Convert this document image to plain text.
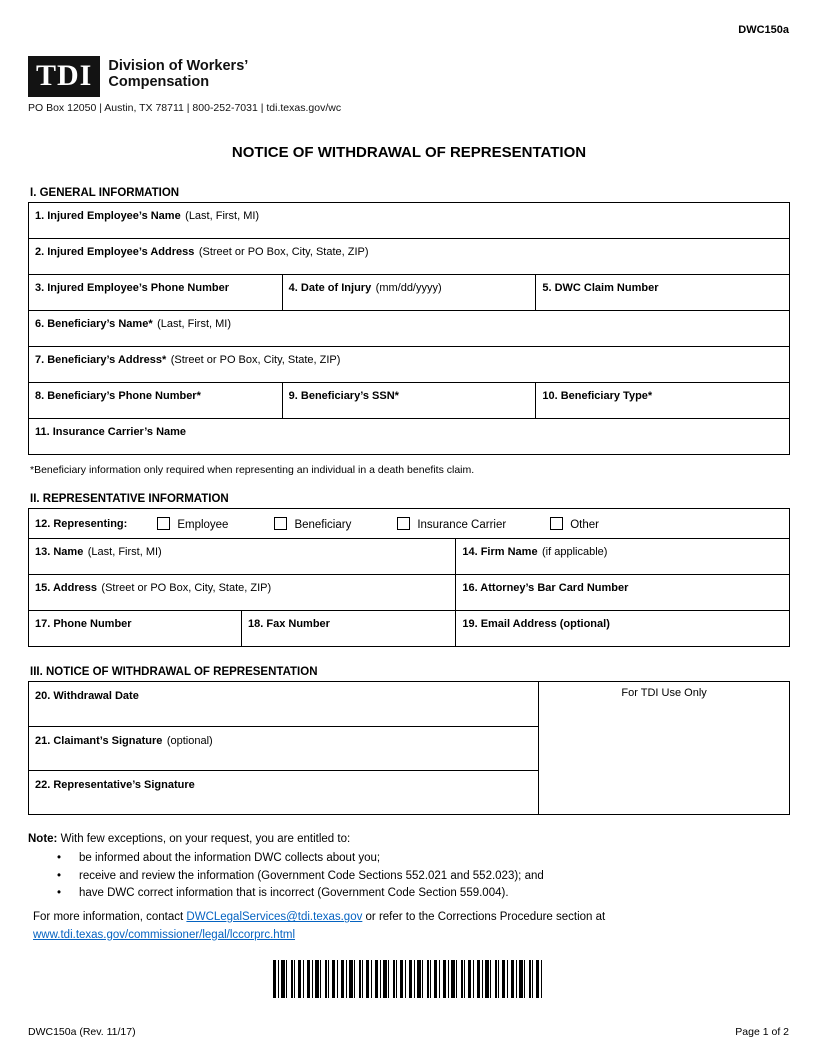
DWC150a
TDI	Division of Workers’
Compensation
PO Box 12050 | Austin, TX 78711 | 800-252-7031 | tdi.texas.gov/wc
NOTICE OF WITHDRAWAL OF REPRESENTATION
I. GENERAL INFORMATION
1. Injured Employee’s Name (Last, First, MI)
2. Injured Employee’s Address (Street or PO Box, City, State, ZIP)
3. Injured Employee’s Phone Number	4. Date of Injury (mm/dd/yyyy)	5. DWC Claim Number
6. Beneficiary’s Name* (Last, First, MI)
7. Beneficiary’s Address* (Street or PO Box, City, State, ZIP)
8. Beneficiary’s Phone Number*	9. Beneficiary’s SSN*	10. Beneficiary Type*
11. Insurance Carrier’s Name
*Beneficiary information only required when representing an individual in a death benefits claim.
II. REPRESENTATIVE INFORMATION
12. Representing:	Employee	Beneficiary	Insurance Carrier	Other
13. Name (Last, First, MI)	14. Firm Name (if applicable)
15. Address (Street or PO Box, City, State, ZIP)	16. Attorney’s Bar Card Number
17. Phone Number	18. Fax Number	19. Email Address (optional)
III. NOTICE OF WITHDRAWAL OF REPRESENTATION
20. Withdrawal Date
21. Claimant’s Signature (optional)
22. Representative’s Signature
For TDI Use Only
Note: With few exceptions, on your request, you are entitled to:
• be informed about the information DWC collects about you;
• receive and review the information (Government Code Sections 552.021 and 552.023); and
• have DWC correct information that is incorrect (Government Code Section 559.004).
For more information, contact DWCLegalServices@tdi.texas.gov or refer to the Corrections Procedure section at
www.tdi.texas.gov/commissioner/legal/lccorprc.html
DWC150a (Rev. 11/17)	Page 1 of 2
